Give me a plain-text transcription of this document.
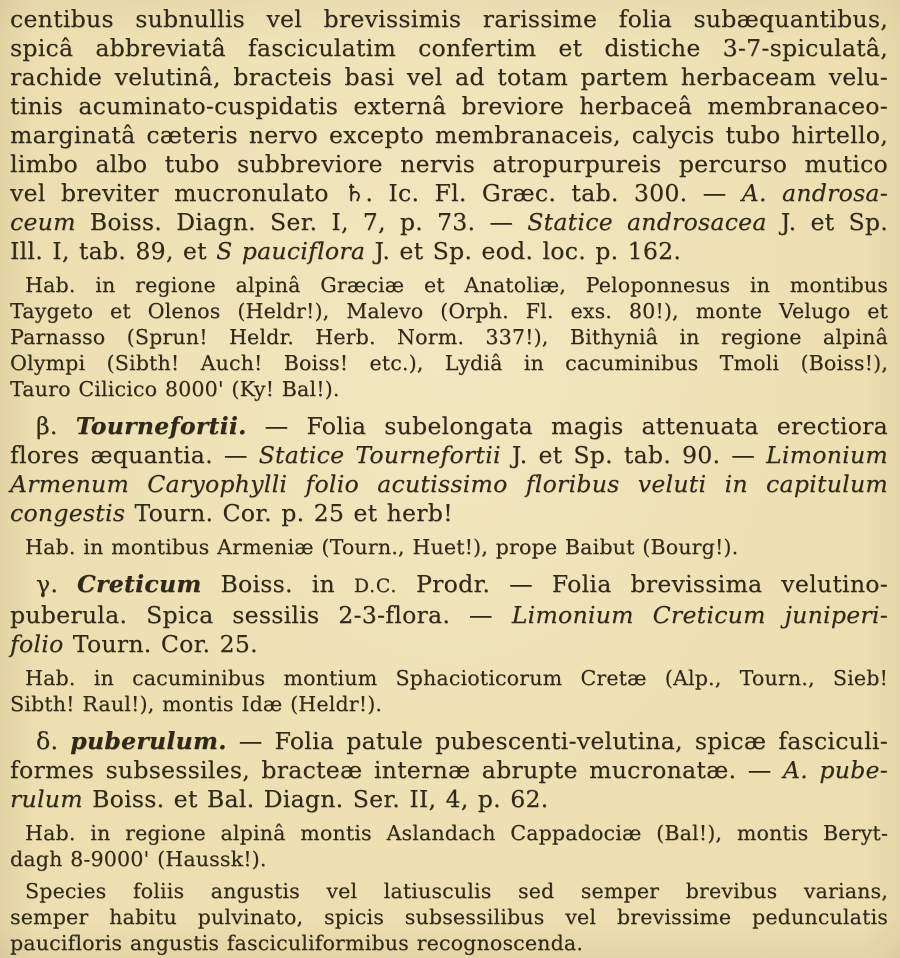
centibus subnullis vel brevissimis rarissime folia subæquantibus,
spicâ abbreviatâ fasciculatim confertim et distiche 3-7-spiculatâ,
rachide velutinâ, bracteis basi vel ad totam partem herbaceam velu-
tinis acuminato-cuspidatis externâ breviore herbaceâ membranaceo-
marginatâ cæteris nervo excepto membranaceis, calycis tubo hirtello,
limbo albo tubo subbreviore nervis atropurpureis percurso mutico
vel breviter mucronulato ♄. Ic. Fl. Græc. tab. 300. — A. androsa-
ceum Boiss. Diagn. Ser. I, 7, p. 73. — Statice androsacea J. et Sp.
Ill. I, tab. 89, et S pauciflora J. et Sp. eod. loc. p. 162.
Hab. in regione alpinâ Græciæ et Anatoliæ, Peloponnesus in montibus
Taygeto et Olenos (Heldr!), Malevo (Orph. Fl. exs. 80!), monte Velugo et
Parnasso (Sprun! Heldr. Herb. Norm. 337!), Bithyniâ in regione alpinâ
Olympi (Sibth! Auch! Boiss! etc.), Lydiâ in cacuminibus Tmoli (Boiss!),
Tauro Cilicico 8000' (Ky! Bal!).
β. Tournefortii. — Folia subelongata magis attenuata erectiora
flores æquantia. — Statice Tournefortii J. et Sp. tab. 90. — Limonium
Armenum Caryophylli folio acutissimo floribus veluti in capitulum
congestis Tourn. Cor. p. 25 et herb!
Hab. in montibus Armeniæ (Tourn., Huet!), prope Baibut (Bourg!).
γ. Creticum Boiss. in D.C. Prodr. — Folia brevissima velutino-
puberula. Spica sessilis 2-3-flora. — Limonium Creticum juniperi-
folio Tourn. Cor. 25.
Hab. in cacuminibus montium Sphacioticorum Cretæ (Alp., Tourn., Sieb!
Sibth! Raul!), montis Idæ (Heldr!).
δ. puberulum. — Folia patule pubescenti-velutina, spicæ fasciculi-
formes subsessiles, bracteæ internæ abrupte mucronatæ. — A. pube-
rulum Boiss. et Bal. Diagn. Ser. II, 4, p. 62.
Hab. in regione alpinâ montis Aslandach Cappadociæ (Bal!), montis Beryt-
dagh 8-9000' (Haussk!).
Species foliis angustis vel latiusculis sed semper brevibus varians,
semper habitu pulvinato, spicis subsessilibus vel brevissime pedunculatis
paucifloris angustis fasciculiformibus recognoscenda.
